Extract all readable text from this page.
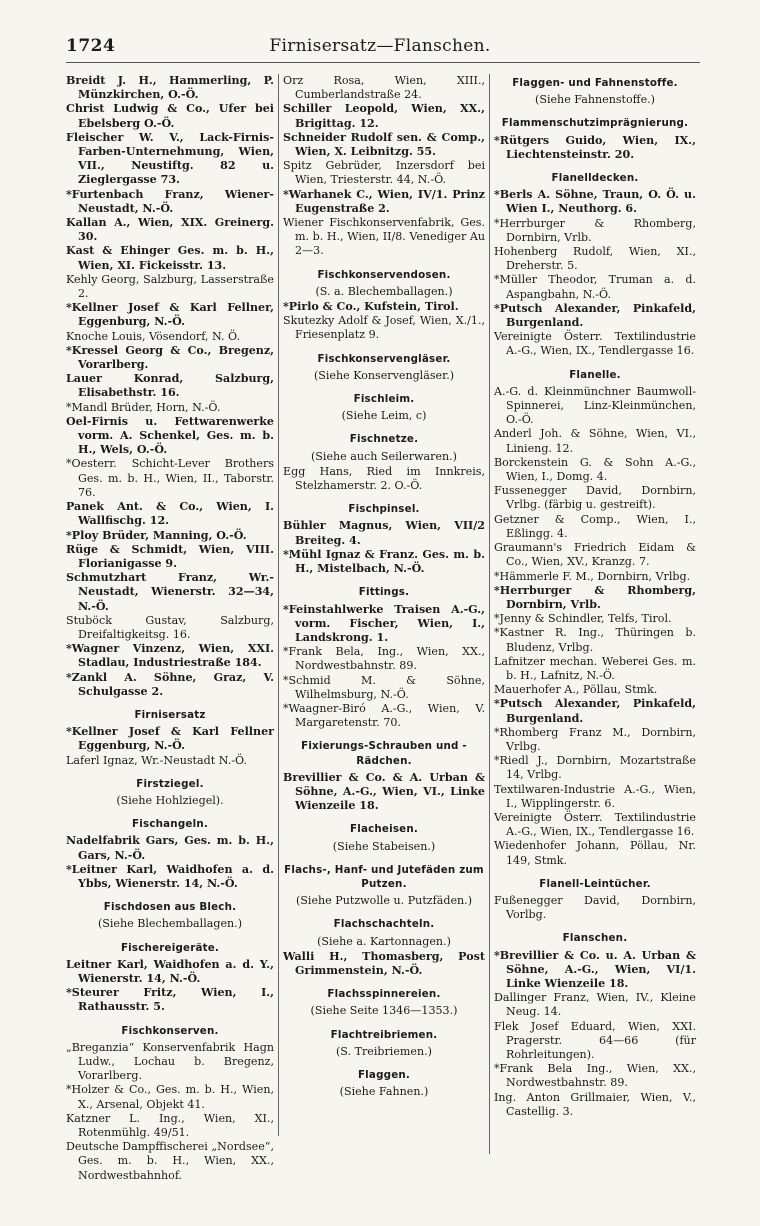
1724	Firnisersatz—Flanschen.
Breidt J. H., Hammerling, P. Münzkirchen, O.-Ö.
Christ Ludwig & Co., Ufer bei Ebelsberg O.-Ö.
Fleischer W. V., Lack-Firnis-Farben-Unternehmung, Wien, VII., Neustiftg. 82 u. Zieglergasse 73.
*Furtenbach Franz, Wiener-Neustadt, N.-Ö.
Kallan A., Wien, XIX. Greinerg. 30.
Kast & Ehinger Ges. m. b. H., Wien, XI. Fickeisstr. 13.
Kehly Georg, Salzburg, Lasserstraße 2.
*Kellner Josef & Karl Fellner, Eggenburg, N.-Ö.
Knoche Louis, Vösendorf, N. Ö.
*Kressel Georg & Co., Bregenz, Vorarlberg.
Lauer Konrad, Salzburg, Elisabethstr. 16.
*Mandl Brüder, Horn, N.-Ö.
Oel-Firnis u. Fettwarenwerke vorm. A. Schenkel, Ges. m. b. H., Wels, O.-Ö.
*Oesterr. Schicht-Lever Brothers Ges. m. b. H., Wien, II., Taborstr. 76.
Panek Ant. & Co., Wien, I. Wallfischg. 12.
*Ploy Brüder, Manning, O.-Ö.
Rüge & Schmidt, Wien, VIII. Florianigasse 9.
Schmutzhart Franz, Wr.-Neustadt, Wienerstr. 32—34, N.-Ö.
Stuböck Gustav, Salzburg, Dreifaltigkeitsg. 16.
*Wagner Vinzenz, Wien, XXI. Stadlau, Industriestraße 184.
*Zankl A. Söhne, Graz, V. Schulgasse 2.
Firnisersatz
*Kellner Josef & Karl Fellner Eggenburg, N.-Ö.
Laferl Ignaz, Wr.-Neustadt N.-Ö.
Firstziegel.
(Siehe Hohlziegel).
Fischangeln.
Nadelfabrik Gars, Ges. m. b. H., Gars, N.-Ö.
*Leitner Karl, Waidhofen a. d. Ybbs, Wienerstr. 14, N.-Ö.
Fischdosen aus Blech.
(Siehe Blechemballagen.)
Fischereigeräte.
Leitner Karl, Waidhofen a. d. Y., Wienerstr. 14, N.-Ö.
*Steurer Fritz, Wien, I., Rathausstr. 5.
Fischkonserven.
„Breganzia“ Konservenfabrik Hagn Ludw., Lochau b. Bregenz, Vorarlberg.
*Holzer & Co., Ges. m. b. H., Wien, X., Arsenal, Objekt 41.
Katzner L. Ing., Wien, XI., Rotenmühlg. 49/51.
Deutsche Dampffischerei „Nordsee“, Ges. m. b. H., Wien, XX., Nordwestbahnhof.
Orz Rosa, Wien, XIII., Cumberlandstraße 24.
Schiller Leopold, Wien, XX., Brigittag. 12.
Schneider Rudolf sen. & Comp., Wien, X. Leibnitzg. 55.
Spitz Gebrüder, Inzersdorf bei Wien, Triesterstr. 44, N.-Ö.
*Warhanek C., Wien, IV/1. Prinz Eugenstraße 2.
Wiener Fischkonservenfabrik, Ges. m. b. H., Wien, II/8. Venediger Au 2—3.
Fischkonservendosen.
(S. a. Blechemballagen.)
*Pirlo & Co., Kufstein, Tirol.
Skutezky Adolf & Josef, Wien, X./1., Friesenplatz 9.
Fischkonservengläser.
(Siehe Konservengläser.)
Fischleim.
(Siehe Leim, c)
Fischnetze.
(Siehe auch Seilerwaren.)
Egg Hans, Ried im Innkreis, Stelzhamerstr. 2. O.-Ö.
Fischpinsel.
Bühler Magnus, Wien, VII/2 Breiteg. 4.
*Mühl Ignaz & Franz. Ges. m. b. H., Mistelbach, N.-Ö.
Fittings.
*Feinstahlwerke Traisen A.-G., vorm. Fischer, Wien, I., Landskrong. 1.
*Frank Bela, Ing., Wien, XX., Nordwestbahnstr. 89.
*Schmid M. & Söhne, Wilhelmsburg, N.-Ö.
*Waagner-Biró A.-G., Wien, V. Margaretenstr. 70.
Fixierungs-Schrauben und -Rädchen.
Brevillier & Co. & A. Urban & Söhne, A.-G., Wien, VI., Linke Wienzeile 18.
Flacheisen.
(Siehe Stabeisen.)
Flachs-, Hanf- und Jutefäden zum Putzen.
(Siehe Putzwolle u. Putzfäden.)
Flachschachteln.
(Siehe a. Kartonnagen.)
Walli H., Thomasberg, Post Grimmenstein, N.-Ö.
Flachsspinnereien.
(Siehe Seite 1346—1353.)
Flachtreibriemen.
(S. Treibriemen.)
Flaggen.
(Siehe Fahnen.)
Flaggen- und Fahnenstoffe.
(Siehe Fahnenstoffe.)
Flammenschutzimprägnierung.
*Rütgers Guido, Wien, IX., Liechtensteinstr. 20.
Flanelldecken.
*Berls A. Söhne, Traun, O. Ö. u. Wien I., Neuthorg. 6.
*Herrburger & Rhomberg, Dornbirn, Vrlb.
Hohenberg Rudolf, Wien, XI., Dreherstr. 5.
*Müller Theodor, Truman a. d. Aspangbahn, N.-Ö.
*Putsch Alexander, Pinkafeld, Burgenland.
Vereinigte Österr. Textilindustrie A.-G., Wien, IX., Tendlergasse 16.
Flanelle.
A.-G. d. Kleinmünchner Baumwoll-Spinnerei, Linz-Kleinmünchen, O.-Ö.
Anderl Joh. & Söhne, Wien, VI., Linieng. 12.
Borckenstein G. & Sohn A.-G., Wien, I., Domg. 4.
Fussenegger David, Dornbirn, Vrlbg. (färbig u. gestreift).
Getzner & Comp., Wien, I., Eßlingg. 4.
Graumann's Friedrich Eidam & Co., Wien, XV., Kranzg. 7.
*Hämmerle F. M., Dornbirn, Vrlbg.
*Herrburger & Rhomberg, Dornbirn, Vrlb.
*Jenny & Schindler, Telfs, Tirol.
*Kastner R. Ing., Thüringen b. Bludenz, Vrlbg.
Lafnitzer mechan. Weberei Ges. m. b. H., Lafnitz, N.-Ö.
Mauerhofer A., Pöllau, Stmk.
*Putsch Alexander, Pinkafeld, Burgenland.
*Rhomberg Franz M., Dornbirn, Vrlbg.
*Riedl J., Dornbirn, Mozartstraße 14, Vrlbg.
Textilwaren-Industrie A.-G., Wien, I., Wipplingerstr. 6.
Vereinigte Österr. Textilindustrie A.-G., Wien, IX., Tendlergasse 16.
Wiedenhofer Johann, Pöllau, Nr. 149, Stmk.
Flanell-Leintücher.
Fußenegger David, Dornbirn, Vorlbg.
Flanschen.
*Brevillier & Co. u. A. Urban & Söhne, A.-G., Wien, VI/1. Linke Wienzeile 18.
Dallinger Franz, Wien, IV., Kleine Neug. 14.
Flek Josef Eduard, Wien, XXI. Pragerstr. 64—66 (für Rohrleitungen).
*Frank Bela Ing., Wien, XX., Nordwestbahnstr. 89.
Ing. Anton Grillmaier, Wien, V., Castellig. 3.
